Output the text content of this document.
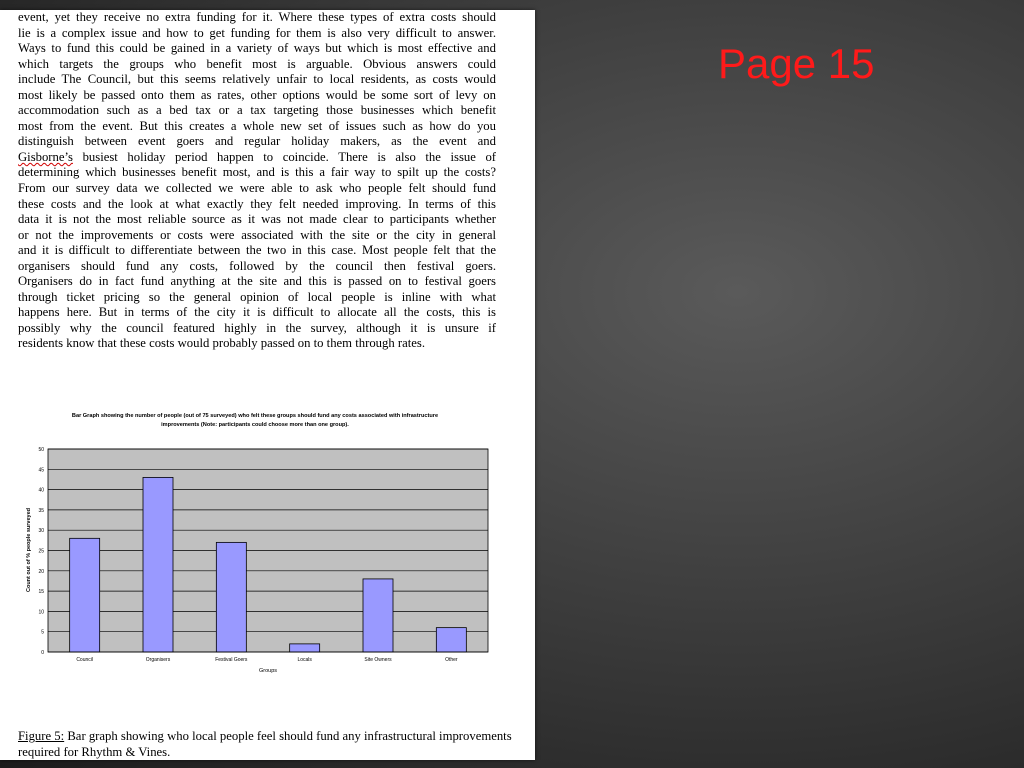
event, yet they receive no extra funding for it. Where these types of extra costs should
lie is a complex issue and how to get funding for them is also very difficult to answer.
Ways to fund this could be gained in a variety of ways but which is most effective and
which targets the groups who benefit most is arguable. Obvious answers could
include The Council, but this seems relatively unfair to local residents, as costs would
most likely be passed onto them as rates, other options would be some sort of levy on
accommodation such as a bed tax or a tax targeting those businesses which benefit
most from the event. But this creates a whole new set of issues such as how do you
distinguish between event goers and regular holiday makers, as the event and
Gisborne’s busiest holiday period happen to coincide. There is also the issue of
determining which businesses benefit most, and is this a fair way to spilt up the costs?
From our survey data we collected we were able to ask who people felt should fund
these costs and the look at what exactly they felt needed improving. In terms of this
data it is not the most reliable source as it was not made clear to participants whether
or not the improvements or costs were associated with the site or the city in general
and it is difficult to differentiate between the two in this case. Most people felt that the
organisers should fund any costs, followed by the council then festival goers.
Organisers do in fact fund anything at the site and this is passed on to festival goers
through ticket pricing so the general opinion of local people is inline with what
happens here. But in terms of the city it is difficult to allocate all the costs, this is
possibly why the council featured highly in the survey, although it is unsure if
residents know that these costs would probably passed on to them through rates.
Bar Graph showing the number of people (out of 75 surveyed) who felt these groups should fund any costs associated with infrastructure improvements (Note: participants could choose more than one group).
0
5
10
15
20
25
30
35
40
45
50
Council	Organisers	Festival Goers	Locals	Site Owners	Other
Groups
Count out of % people surveyed
Figure 5: Bar graph showing who local people feel should fund any infrastructural improvements required for Rhythm & Vines.
Page 15
